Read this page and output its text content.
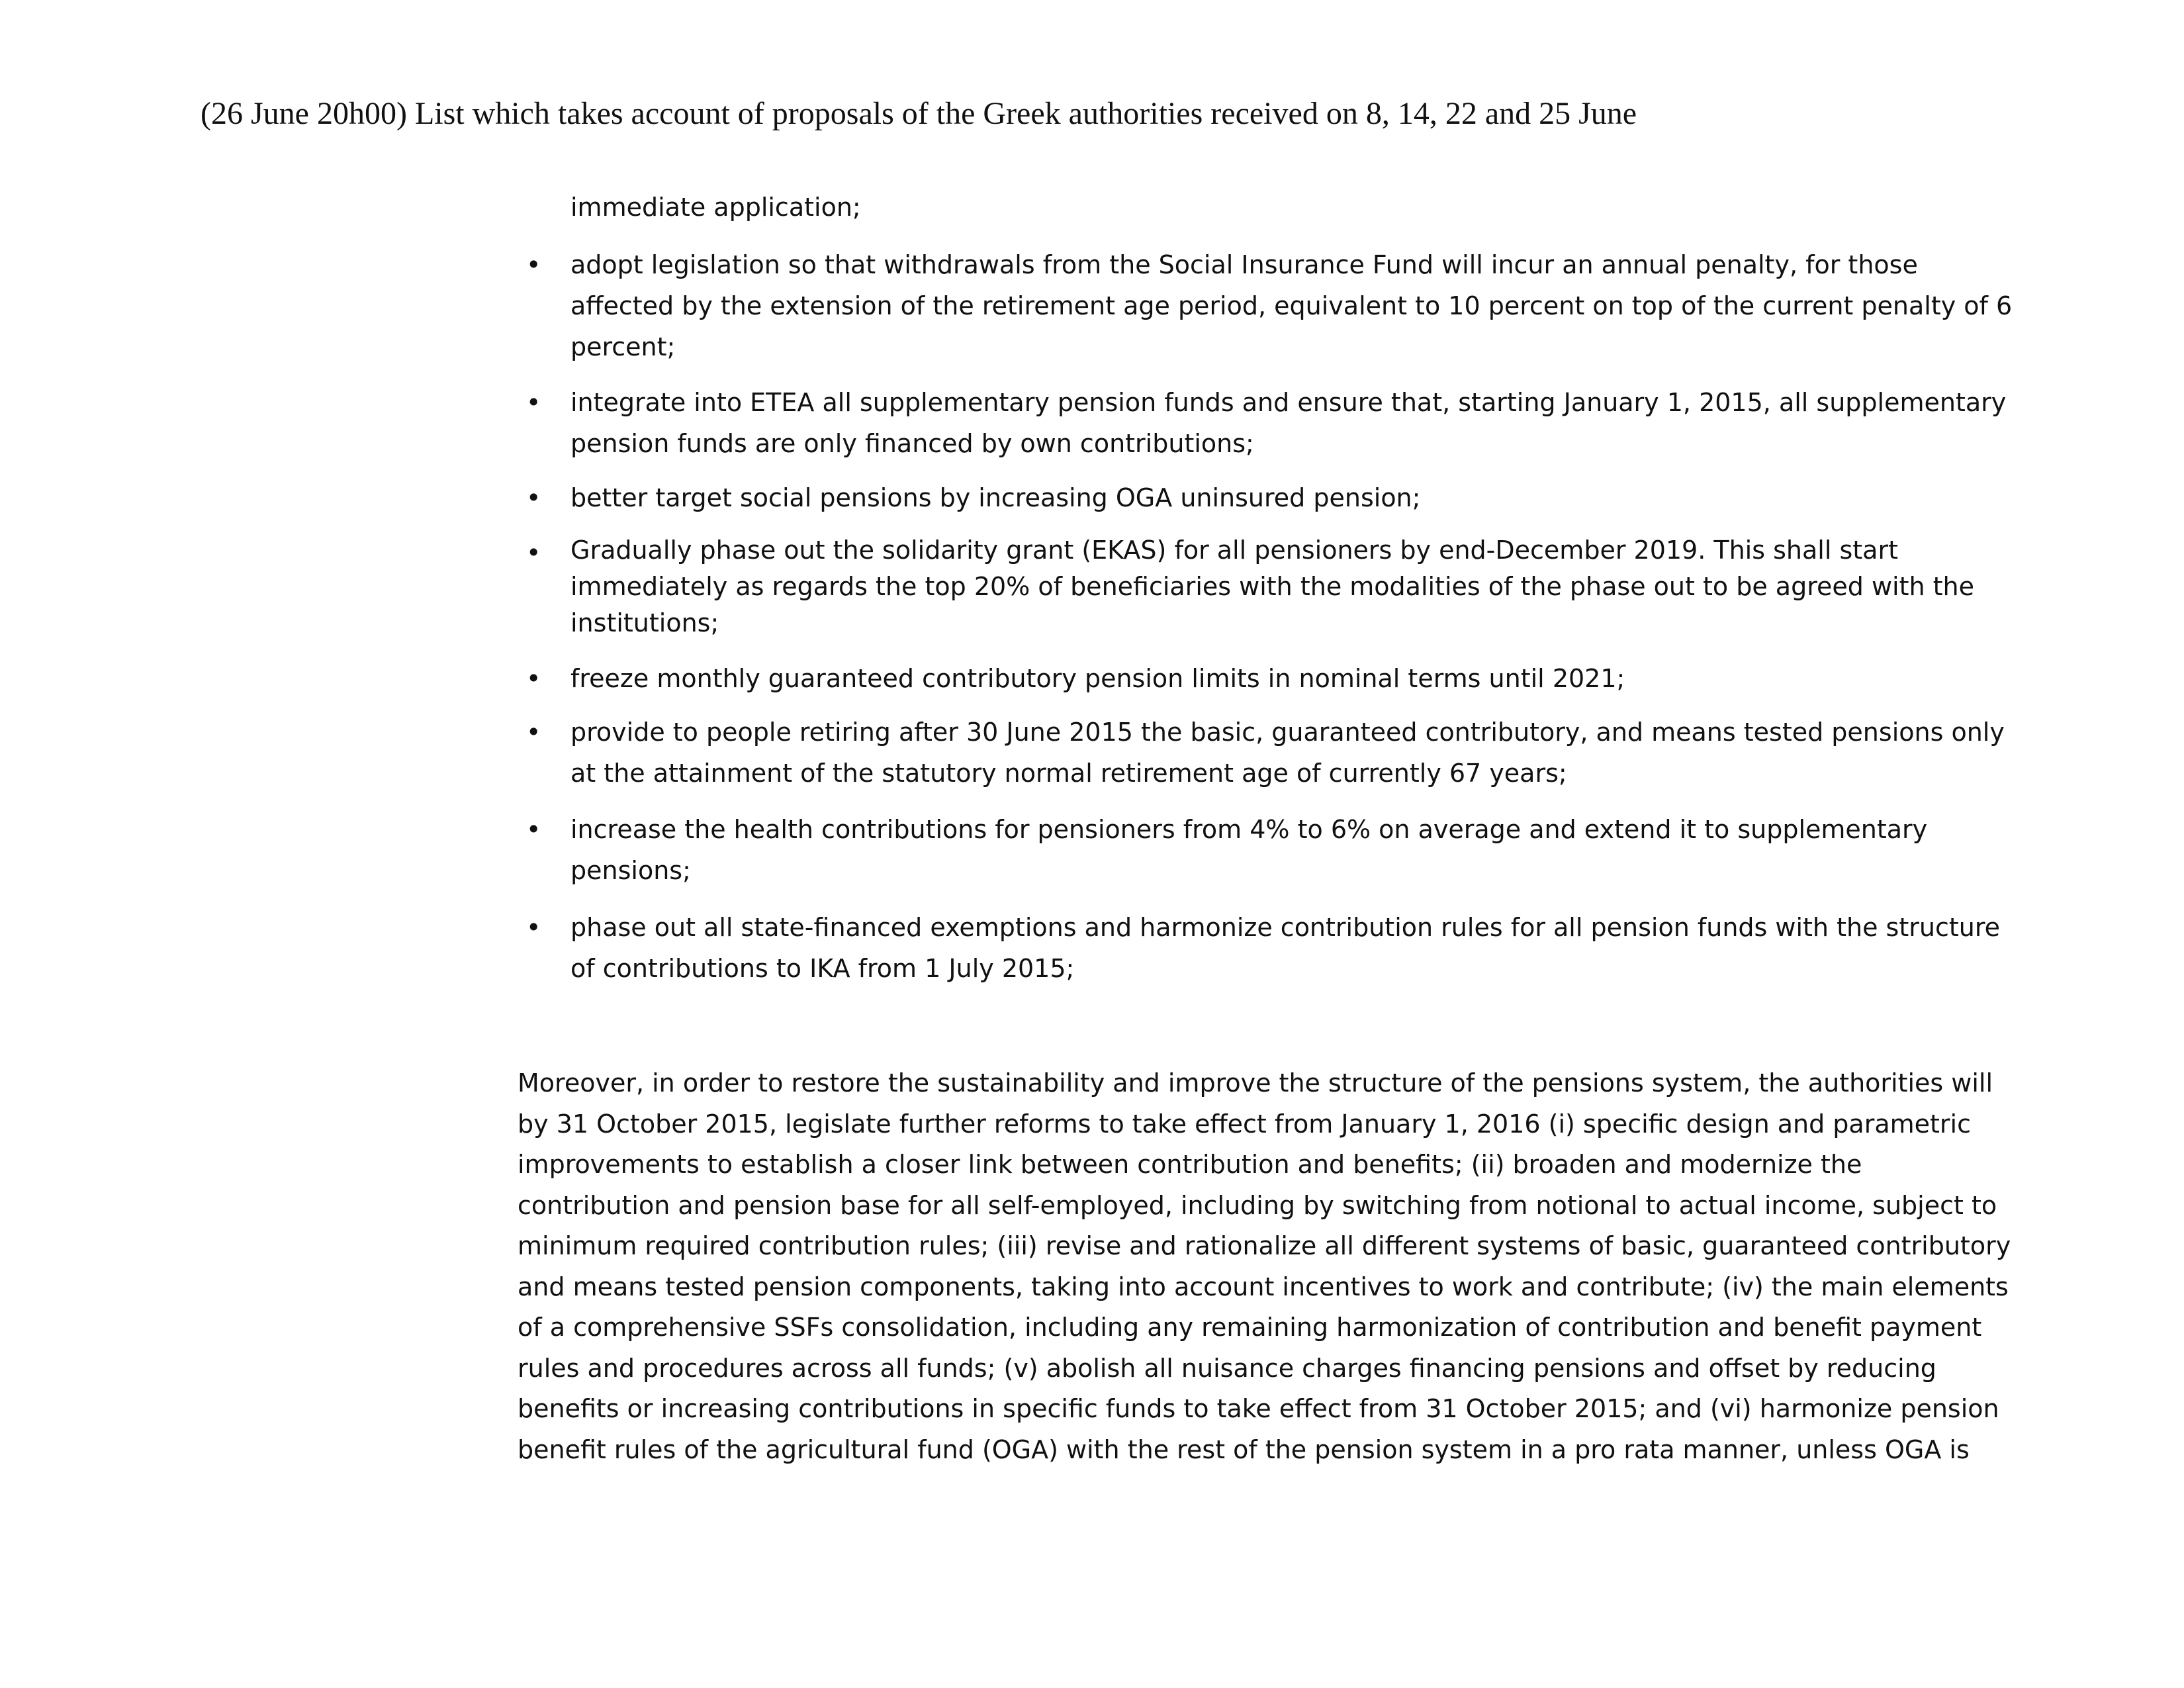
(26 June 20h00) List which takes account of proposals of the Greek authorities received on 8, 14, 22 and 25 June
immediate application;
• adopt legislation so that withdrawals from the Social Insurance Fund will incur an annual penalty, for those
affected by the extension of the retirement age period, equivalent to 10 percent on top of the current penalty of 6
percent;
• integrate into ETEA all supplementary pension funds and ensure that, starting January 1, 2015, all supplementary
pension funds are only financed by own contributions;
• better target social pensions by increasing OGA uninsured pension;
• Gradually phase out the solidarity grant (EKAS) for all pensioners by end-December 2019. This shall start
immediately as regards the top 20% of beneficiaries with the modalities of the phase out to be agreed with the
institutions;
• freeze monthly guaranteed contributory pension limits in nominal terms until 2021;
• provide to people retiring after 30 June 2015 the basic, guaranteed contributory, and means tested pensions only
at the attainment of the statutory normal retirement age of currently 67 years;
• increase the health contributions for pensioners from 4% to 6% on average and extend it to supplementary
pensions;
• phase out all state-financed exemptions and harmonize contribution rules for all pension funds with the structure
of contributions to IKA from 1 July 2015;
Moreover, in order to restore the sustainability and improve the structure of the pensions system, the authorities will
by 31 October 2015, legislate further reforms to take effect from January 1, 2016 (i) specific design and parametric
improvements to establish a closer link between contribution and benefits; (ii) broaden and modernize the
contribution and pension base for all self-employed, including by switching from notional to actual income, subject to
minimum required contribution rules; (iii) revise and rationalize all different systems of basic, guaranteed contributory
and means tested pension components, taking into account incentives to work and contribute; (iv) the main elements
of a comprehensive SSFs consolidation, including any remaining harmonization of contribution and benefit payment
rules and procedures across all funds; (v) abolish all nuisance charges financing pensions and offset by reducing
benefits or increasing contributions in specific funds to take effect from 31 October 2015; and (vi) harmonize pension
benefit rules of the agricultural fund (OGA) with the rest of the pension system in a pro rata manner, unless OGA is
